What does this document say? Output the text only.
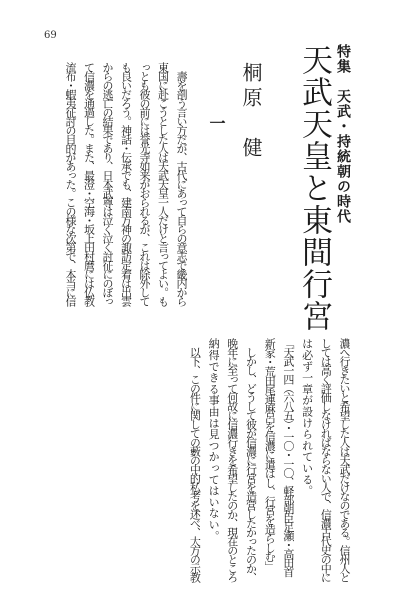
69
特集　天武・持統朝の時代
天武天皇と東間行宮
桐原　健
一
　壽を剖う言い方だが、古代にあって自らの意志で畿内から
東国に赴こうとした人は天武天皇一人だけと言ってよい。も
っとも彼の前には誉光寺如来がおられるが、これは除外して
も良いだろう。神話・伝承でも、建南方神の諏訪定着は出雲
からの逃亡の結果であり、日本武尊は泣く泣く討征にのぼっ
て信濃を通過した。また、最澄・空海・坂上田村麿には仏教
流布・蝦夷征討の目的があった。この様な次第で、本当に信
濃へ行きたいと希望した人は天武だけなのである。信州人と
しては高く評価しなければならない人で、信濃古代史の中に
は必ず一章が設けられている。
「天武一四（六八五）・一〇・一〇、軽部朝臣足瀬・高田首
新家・荒田尾連麻呂を信濃に遣はし、行宮を造らしむ」
　しかし、どうして彼が信濃に行宮を造営したかったのか、
晩年に至って何故に信濃行きを希望したのか、現在のところ
納得できる事由は見つかってはいない。
　以下、この件に関しての藪の中的私考を述べ、大方の示教
